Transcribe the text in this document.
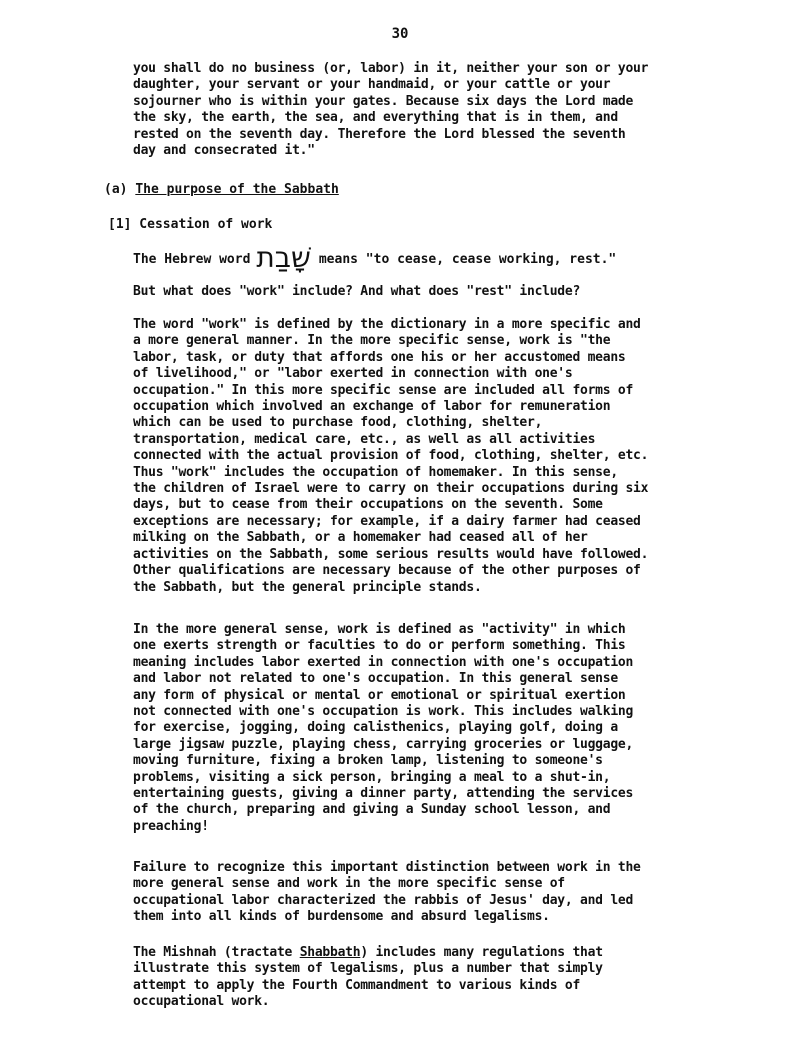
30
you shall do no business (or, labor) in it, neither your son or your
daughter, your servant or your handmaid, or your cattle or your
sojourner who is within your gates. Because six days the Lord made
the sky, the earth, the sea, and everything that is in them, and
rested on the seventh day. Therefore the Lord blessed the seventh
day and consecrated it."
(a) The purpose of the Sabbath
[1] Cessation of work
The Hebrew word שָׁבַת means "to cease, cease working, rest."
But what does "work" include? And what does "rest" include?
The word "work" is defined by the dictionary in a more specific and
a more general manner. In the more specific sense, work is "the
labor, task, or duty that affords one his or her accustomed means
of livelihood," or "labor exerted in connection with one's
occupation." In this more specific sense are included all forms of
occupation which involved an exchange of labor for remuneration
which can be used to purchase food, clothing, shelter,
transportation, medical care, etc., as well as all activities
connected with the actual provision of food, clothing, shelter, etc.
Thus "work" includes the occupation of homemaker. In this sense,
the children of Israel were to carry on their occupations during six
days, but to cease from their occupations on the seventh. Some
exceptions are necessary; for example, if a dairy farmer had ceased
milking on the Sabbath, or a homemaker had ceased all of her
activities on the Sabbath, some serious results would have followed.
Other qualifications are necessary because of the other purposes of
the Sabbath, but the general principle stands.
In the more general sense, work is defined as "activity" in which
one exerts strength or faculties to do or perform something. This
meaning includes labor exerted in connection with one's occupation
and labor not related to one's occupation. In this general sense
any form of physical or mental or emotional or spiritual exertion
not connected with one's occupation is work. This includes walking
for exercise, jogging, doing calisthenics, playing golf, doing a
large jigsaw puzzle, playing chess, carrying groceries or luggage,
moving furniture, fixing a broken lamp, listening to someone's
problems, visiting a sick person, bringing a meal to a shut-in,
entertaining guests, giving a dinner party, attending the services
of the church, preparing and giving a Sunday school lesson, and
preaching!
Failure to recognize this important distinction between work in the
more general sense and work in the more specific sense of
occupational labor characterized the rabbis of Jesus' day, and led
them into all kinds of burdensome and absurd legalisms.
The Mishnah (tractate Shabbath) includes many regulations that
illustrate this system of legalisms, plus a number that simply
attempt to apply the Fourth Commandment to various kinds of
occupational work.
